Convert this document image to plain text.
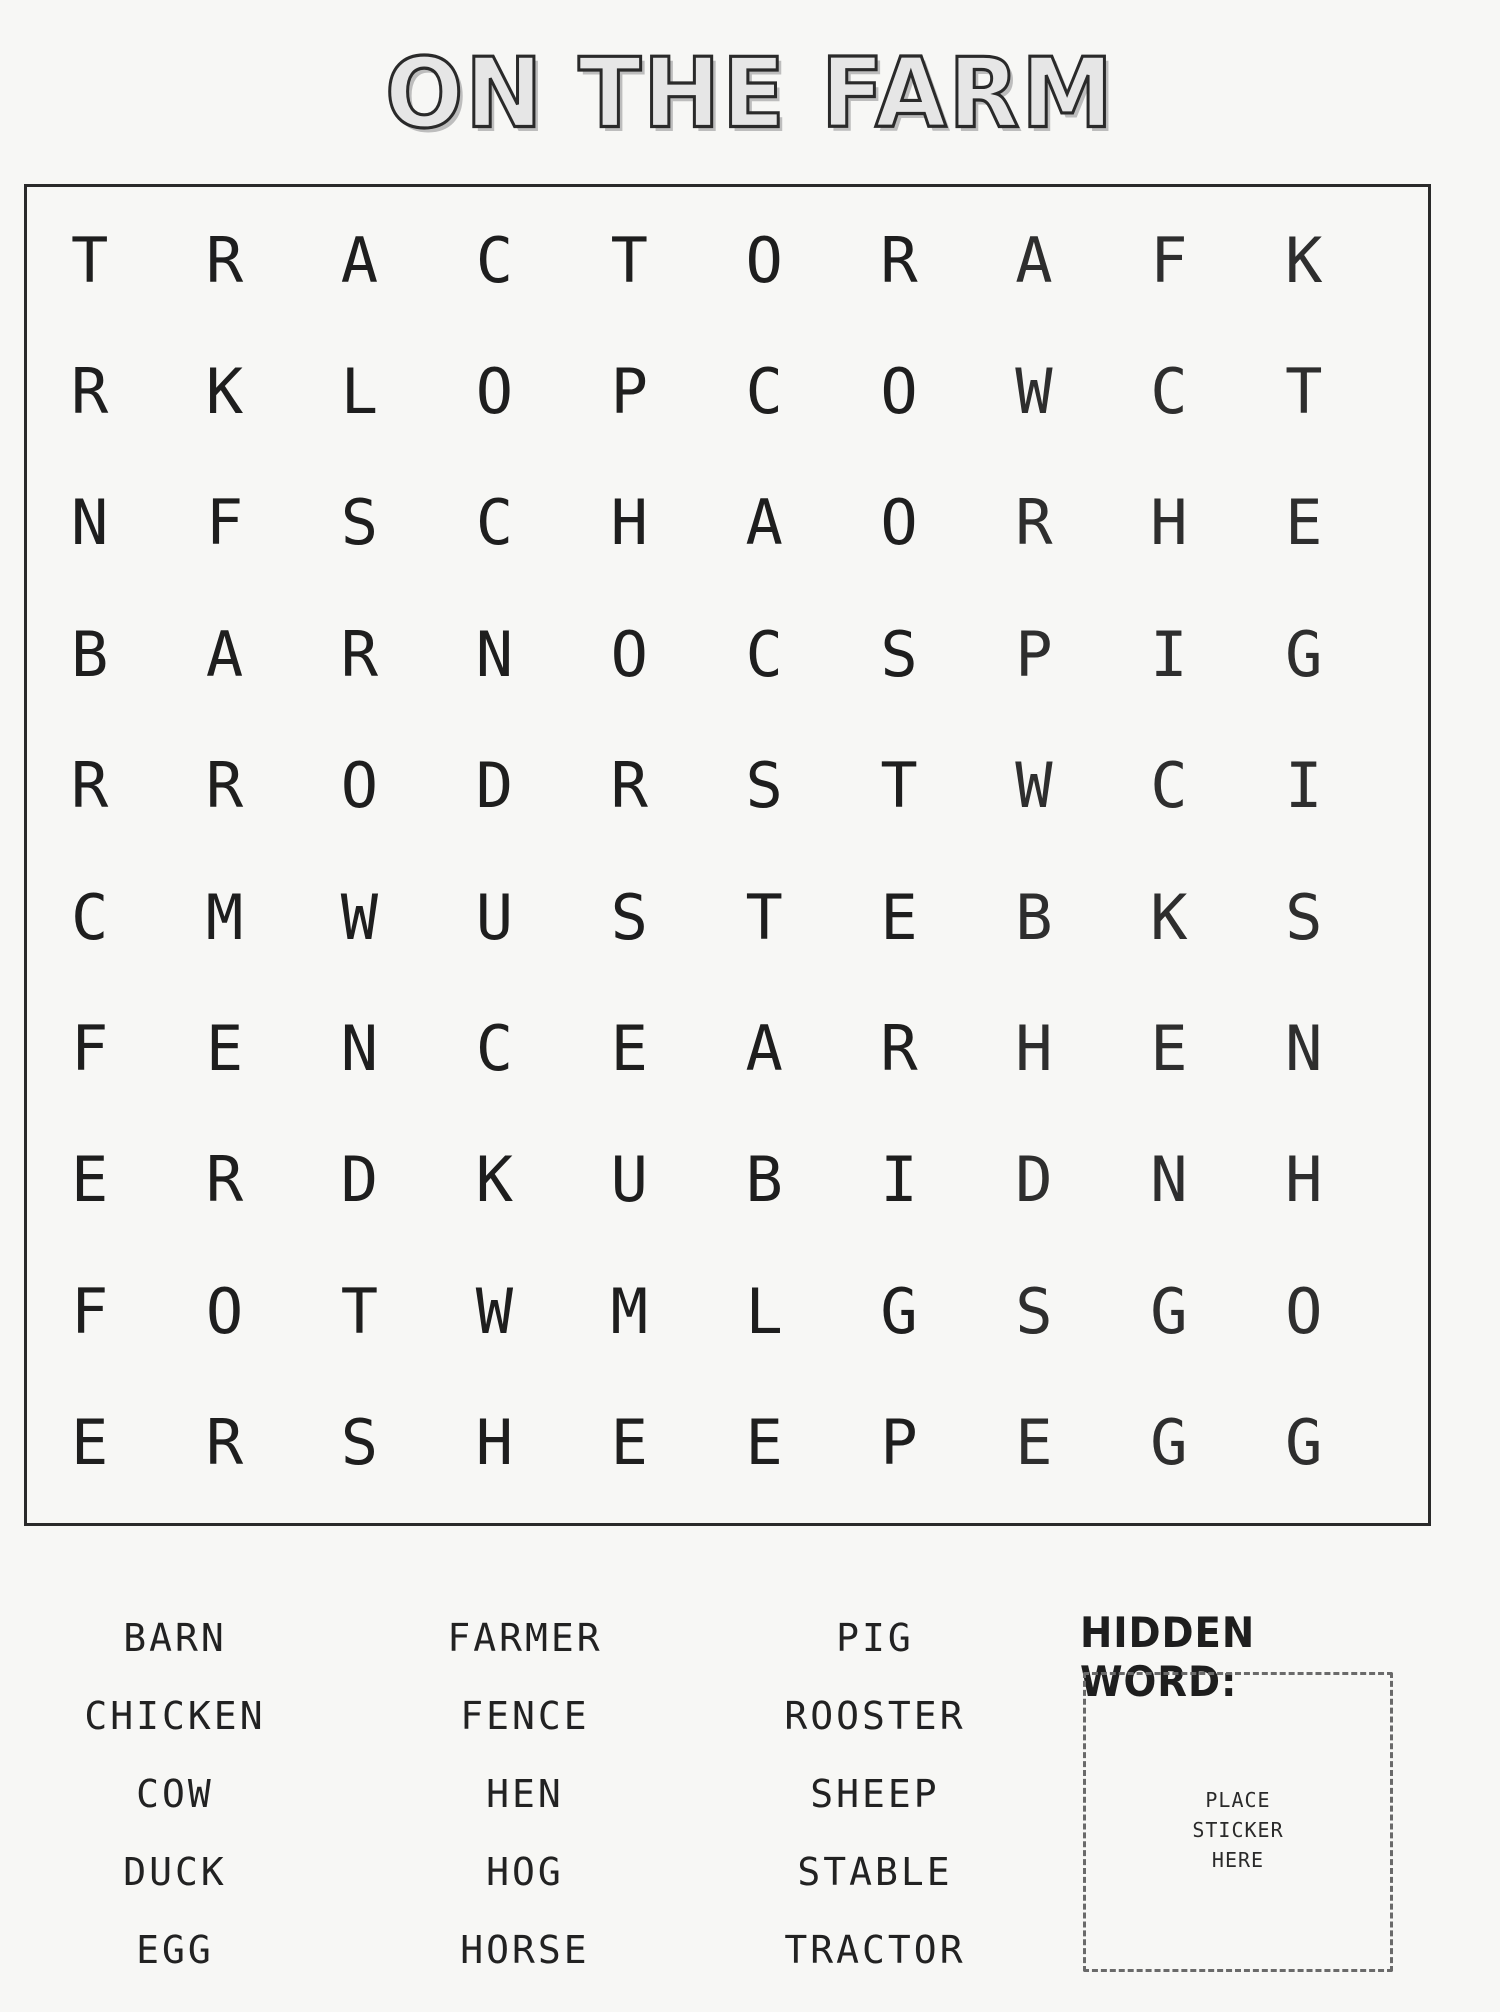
ON THE FARM
T	R	A	C	T	O	R	A	F	K
R	K	L	O	P	C	O	W	C	T
N	F	S	C	H	A	O	R	H	E
B	A	R	N	O	C	S	P	I	G
R	R	O	D	R	S	T	W	C	I
C	M	W	U	S	T	E	B	K	S
F	E	N	C	E	A	R	H	E	N
E	R	D	K	U	B	I	D	N	H
F	O	T	W	M	L	G	S	G	O
E	R	S	H	E	E	P	E	G	G
BARN
CHICKEN
COW
DUCK
EGG
FARMER
FENCE
HEN
HOG
HORSE
PIG
ROOSTER
SHEEP
STABLE
TRACTOR
HIDDEN WORD:
PLACE
STICKER
HERE
